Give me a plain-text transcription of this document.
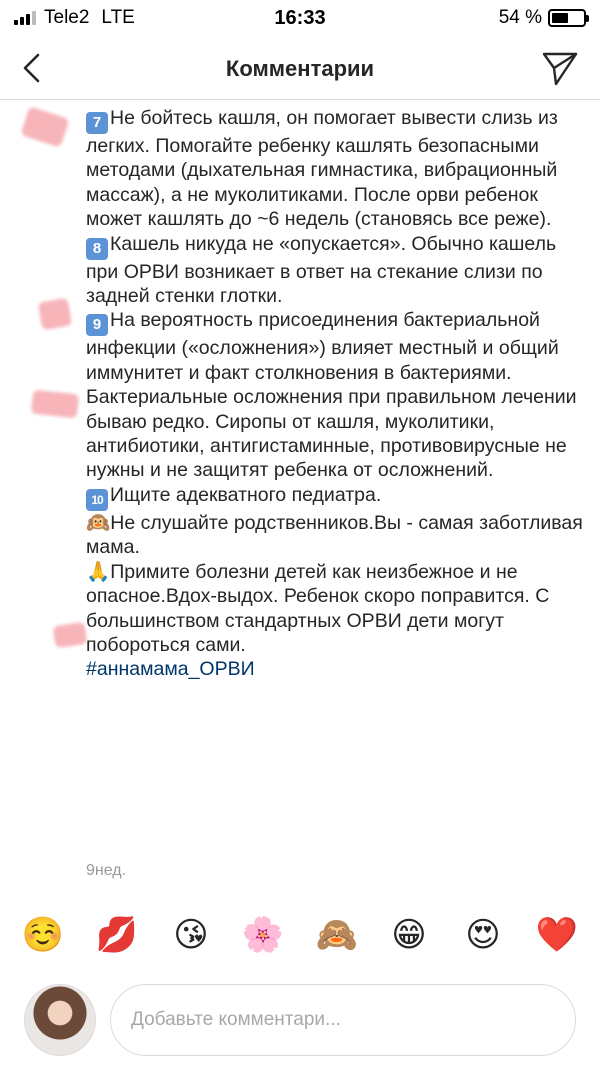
Tele2 LTE	16:33	54 %
Комментарии
7 Не бойтесь кашля, он помогает вывести слизь из легких. Помогайте ребенку кашлять безопасными методами (дыхательная гимнастика, вибрационный массаж), а не муколитиками. После орви ребенок может кашлять до ~6 недель (становясь все реже).
8 Кашель никуда не «опускается». Обычно кашель при ОРВИ возникает в ответ на стекание слизи по задней стенки глотки.
9 На вероятность присоединения бактериальной инфекции («осложнения») влияет местный и общий иммунитет и факт столкновения в бактериями. Бактериальные осложнения при правильном лечении бываю редко. Сиропы от кашля, муколитики, антибиотики, антигистаминные, противовирусные не нужны и не защитят ребенка от осложнений.
10 Ищите адекватного педиатра.
🙉Не слушайте родственников.Вы - самая заботливая мама.
🙏Примите болезни детей как неизбежное и не опасное.Вдох-выдох. Ребенок скоро поправится. С большинством стандартных ОРВИ дети могут побороться сами.
#аннамама_ОРВИ
9нед.
☺️ 💋 😘 🌸 🙈 😁 😍 ❤️
Добавьте комментари...
